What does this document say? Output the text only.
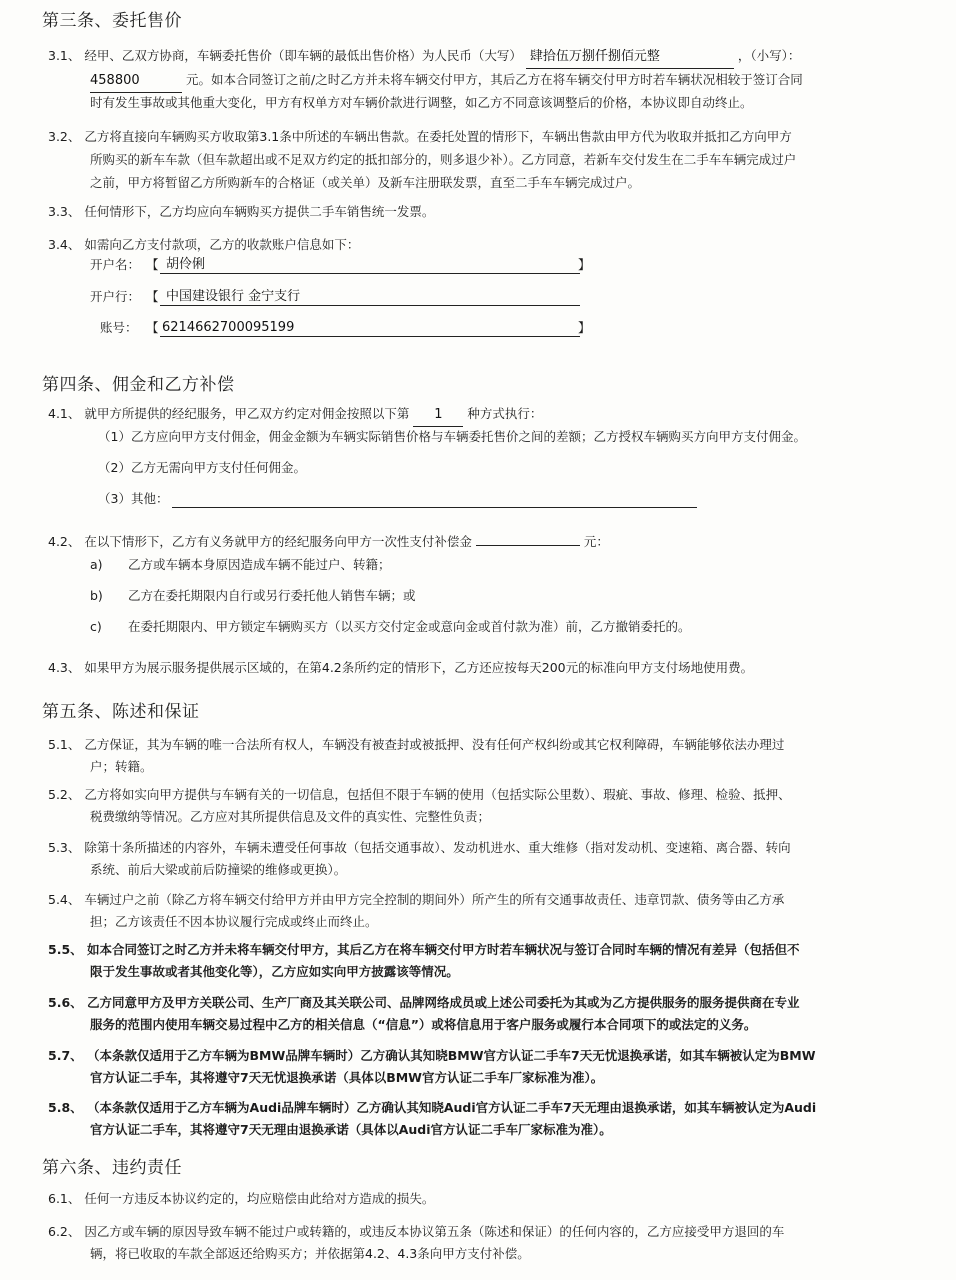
第三条、委托售价
3.1、 经甲、乙双方协商，车辆委托售价（即车辆的最低出售价格）为人民币（大写） 肆拾伍万捌仟捌佰元整	，（小写）：
458800	元。如本合同签订之前/之时乙方并未将车辆交付甲方，其后乙方在将车辆交付甲方时若车辆状况相较于签订合同
时有发生事故或其他重大变化，甲方有权单方对车辆价款进行调整，如乙方不同意该调整后的价格，本协议即自动终止。
3.2、 乙方将直接向车辆购买方收取第3.1条中所述的车辆出售款。在委托处置的情形下，车辆出售款由甲方代为收取并抵扣乙方向甲方
所购买的新车车款（但车款超出或不足双方约定的抵扣部分的，则多退少补）。乙方同意，若新车交付发生在二手车车辆完成过户
之前，甲方将暂留乙方所购新车的合格证（或关单）及新车注册联发票，直至二手车车辆完成过户。
3.3、 任何情形下，乙方均应向车辆购买方提供二手车销售统一发票。
3.4、 如需向乙方支付款项，乙方的收款账户信息如下：
开户名： 【 胡伶俐	】
开户行： 【 中国建设银行 金宁支行
账号： 【 6214662700095199	】
第四条、佣金和乙方补偿
4.1、 就甲方所提供的经纪服务，甲乙双方约定对佣金按照以下第 1 种方式执行：
（1）乙方应向甲方支付佣金，佣金金额为车辆实际销售价格与车辆委托售价之间的差额；乙方授权车辆购买方向甲方支付佣金。
（2）乙方无需向甲方支付任何佣金。
（3）其他：
4.2、 在以下情形下，乙方有义务就甲方的经纪服务向甲方一次性支付补偿金	元：
a) 乙方或车辆本身原因造成车辆不能过户、转籍；
b) 乙方在委托期限内自行或另行委托他人销售车辆；或
c) 在委托期限内、甲方锁定车辆购买方（以买方交付定金或意向金或首付款为准）前，乙方撤销委托的。
4.3、 如果甲方为展示服务提供展示区域的，在第4.2条所约定的情形下，乙方还应按每天200元的标准向甲方支付场地使用费。
第五条、陈述和保证
5.1、 乙方保证，其为车辆的唯一合法所有权人，车辆没有被查封或被抵押、没有任何产权纠纷或其它权利障碍，车辆能够依法办理过
户；转籍。
5.2、 乙方将如实向甲方提供与车辆有关的一切信息，包括但不限于车辆的使用（包括实际公里数）、瑕疵、事故、修理、检验、抵押、
税费缴纳等情况。乙方应对其所提供信息及文件的真实性、完整性负责；
5.3、 除第十条所描述的内容外，车辆未遭受任何事故（包括交通事故）、发动机进水、重大维修（指对发动机、变速箱、离合器、转向
系统、前后大梁或前后防撞梁的维修或更换）。
5.4、 车辆过户之前（除乙方将车辆交付给甲方并由甲方完全控制的期间外）所产生的所有交通事故责任、违章罚款、债务等由乙方承
担；乙方该责任不因本协议履行完成或终止而终止。
5.5、 如本合同签订之时乙方并未将车辆交付甲方，其后乙方在将车辆交付甲方时若车辆状况与签订合同时车辆的情况有差异（包括但不
限于发生事故或者其他变化等），乙方应如实向甲方披露该等情况。
5.6、 乙方同意甲方及甲方关联公司、生产厂商及其关联公司、品牌网络成员或上述公司委托为其或为乙方提供服务的服务提供商在专业
服务的范围内使用车辆交易过程中乙方的相关信息（“信息”）或将信息用于客户服务或履行本合同项下的或法定的义务。
5.7、 （本条款仅适用于乙方车辆为BMW品牌车辆时）乙方确认其知晓BMW官方认证二手车7天无忧退换承诺，如其车辆被认定为BMW
官方认证二手车，其将遵守7天无忧退换承诺（具体以BMW官方认证二手车厂家标准为准）。
5.8、 （本条款仅适用于乙方车辆为Audi品牌车辆时）乙方确认其知晓Audi官方认证二手车7天无理由退换承诺，如其车辆被认定为Audi
官方认证二手车，其将遵守7天无理由退换承诺（具体以Audi官方认证二手车厂家标准为准）。
第六条、违约责任
6.1、 任何一方违反本协议约定的，均应赔偿由此给对方造成的损失。
6.2、 因乙方或车辆的原因导致车辆不能过户或转籍的，或违反本协议第五条（陈述和保证）的任何内容的，乙方应接受甲方退回的车
辆，将已收取的车款全部返还给购买方；并依据第4.2、4.3条向甲方支付补偿。
